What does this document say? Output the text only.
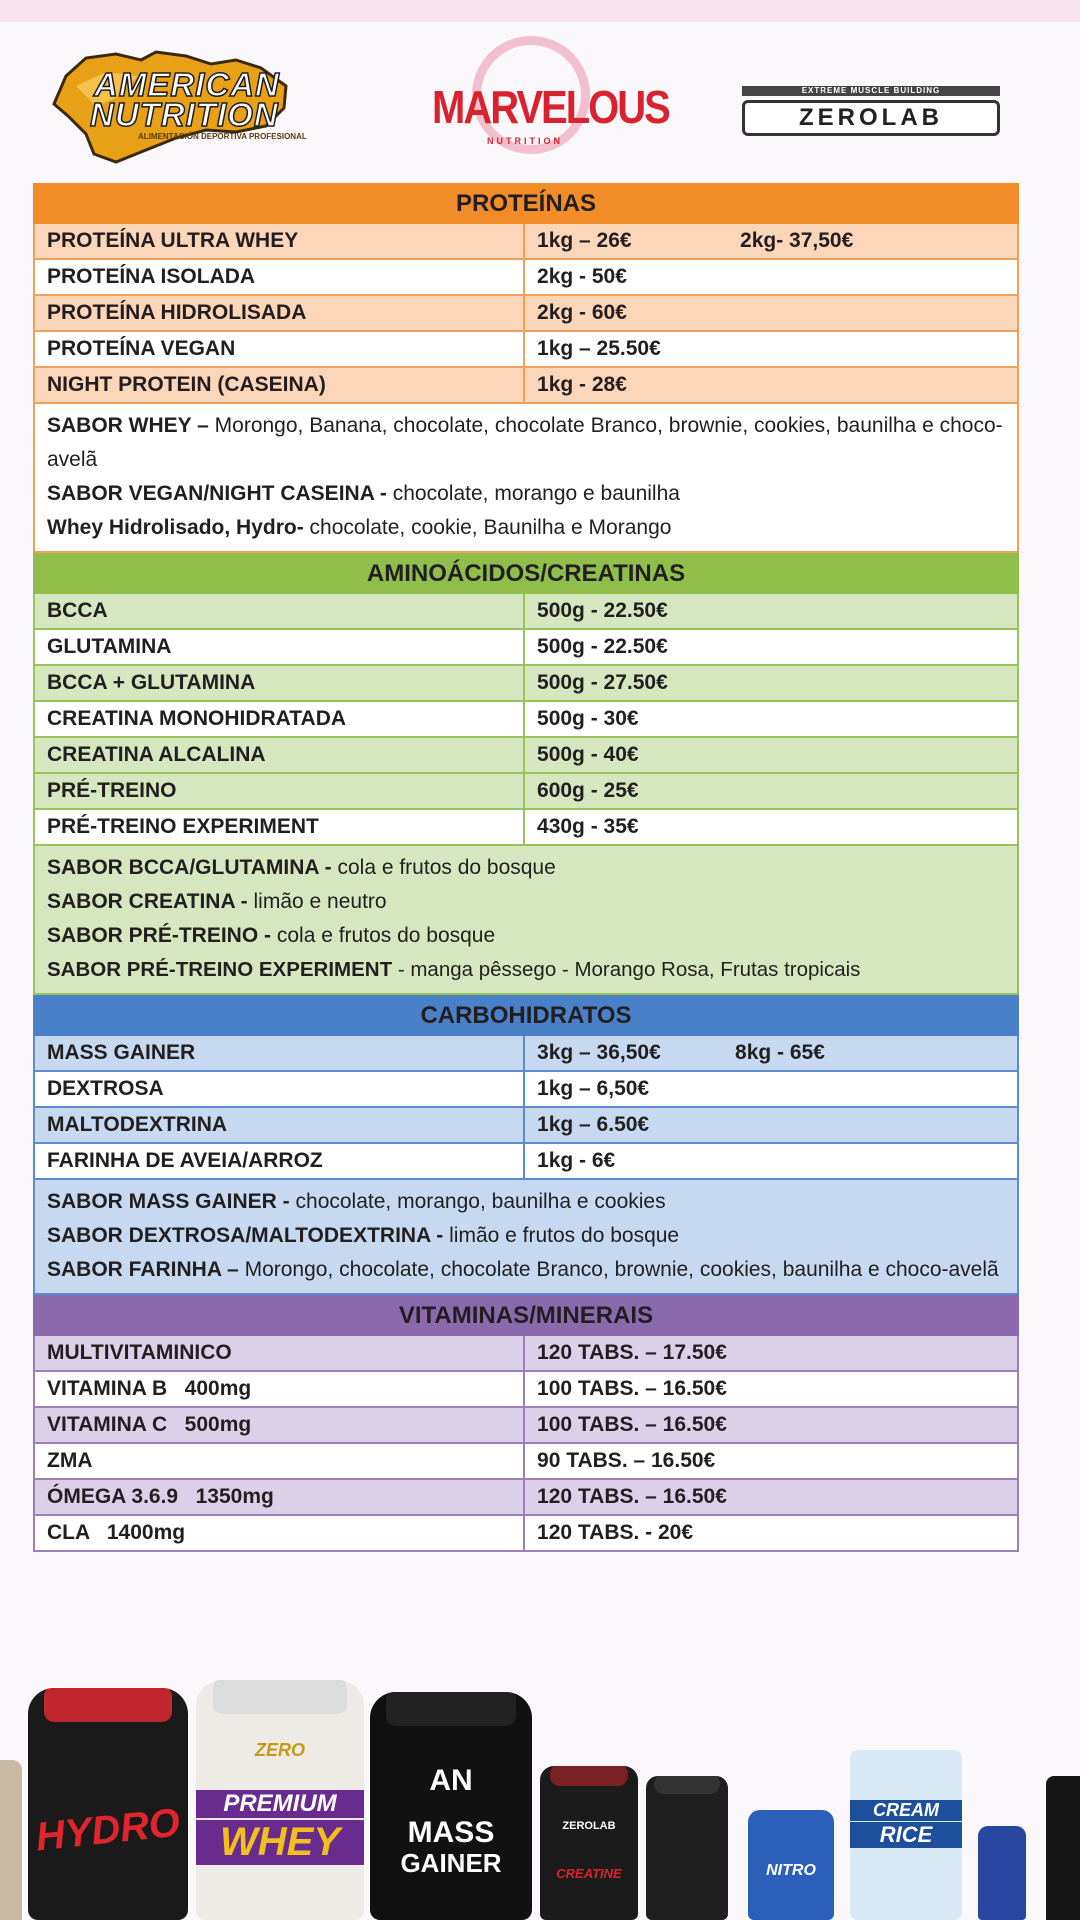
AMERICAN
NUTRITION
ALIMENTACIÓN DEPORTIVA PROFESIONAL
MARVELOUS
NUTRITION
EXTREME MUSCLE BUILDING
ZEROLAB
PROTEÍNAS
PROTEÍNA ULTRA WHEY	1kg – 26€	2kg- 37,50€
PROTEÍNA ISOLADA	2kg - 50€
PROTEÍNA HIDROLISADA	2kg - 60€
PROTEÍNA VEGAN	1kg – 25.50€
NIGHT PROTEIN (CASEINA)	1kg - 28€

SABOR WHEY – Morongo, Banana, chocolate, chocolate Branco, brownie, cookies, baunilha e choco-avelã

SABOR VEGAN/NIGHT CASEINA - chocolate, morango e baunilha

Whey Hidrolisado, Hydro- chocolate, cookie, Baunilha e Morango

AMINOÁCIDOS/CREATINAS
BCCA	500g - 22.50€
GLUTAMINA	500g - 22.50€
BCCA + GLUTAMINA	500g - 27.50€
CREATINA MONOHIDRATADA	500g - 30€
CREATINA ALCALINA	500g - 40€
PRÉ-TREINO	600g - 25€
PRÉ-TREINO EXPERIMENT	430g - 35€

SABOR BCCA/GLUTAMINA - cola e frutos do bosque

SABOR CREATINA - limão e neutro

SABOR PRÉ-TREINO - cola e frutos do bosque

SABOR PRÉ-TREINO EXPERIMENT - manga pêssego - Morango Rosa, Frutas tropicais

CARBOHIDRATOS
MASS GAINER	3kg – 36,50€	8kg - 65€
DEXTROSA	1kg – 6,50€
MALTODEXTRINA	1kg – 6.50€
FARINHA DE AVEIA/ARROZ	1kg - 6€

SABOR MASS GAINER - chocolate, morango, baunilha e cookies

SABOR DEXTROSA/MALTODEXTRINA - limão e frutos do bosque

SABOR FARINHA – Morongo, chocolate, chocolate Branco, brownie, cookies, baunilha e choco-avelã

VITAMINAS/MINERAIS
MULTIVITAMINICO	120 TABS. – 17.50€
VITAMINA B   400mg	100 TABS. – 16.50€
VITAMINA C   500mg	100 TABS. – 16.50€
ZMA	90 TABS. – 16.50€
ÓMEGA 3.6.9   1350mg	120 TABS. – 16.50€
CLA   1400mg	120 TABS. - 20€
HYDRO
ZERO
PREMIUM
WHEY
AN
MASS
GAINER
ZEROLAB
CREATINE	NITRO
CREAM
RICE
